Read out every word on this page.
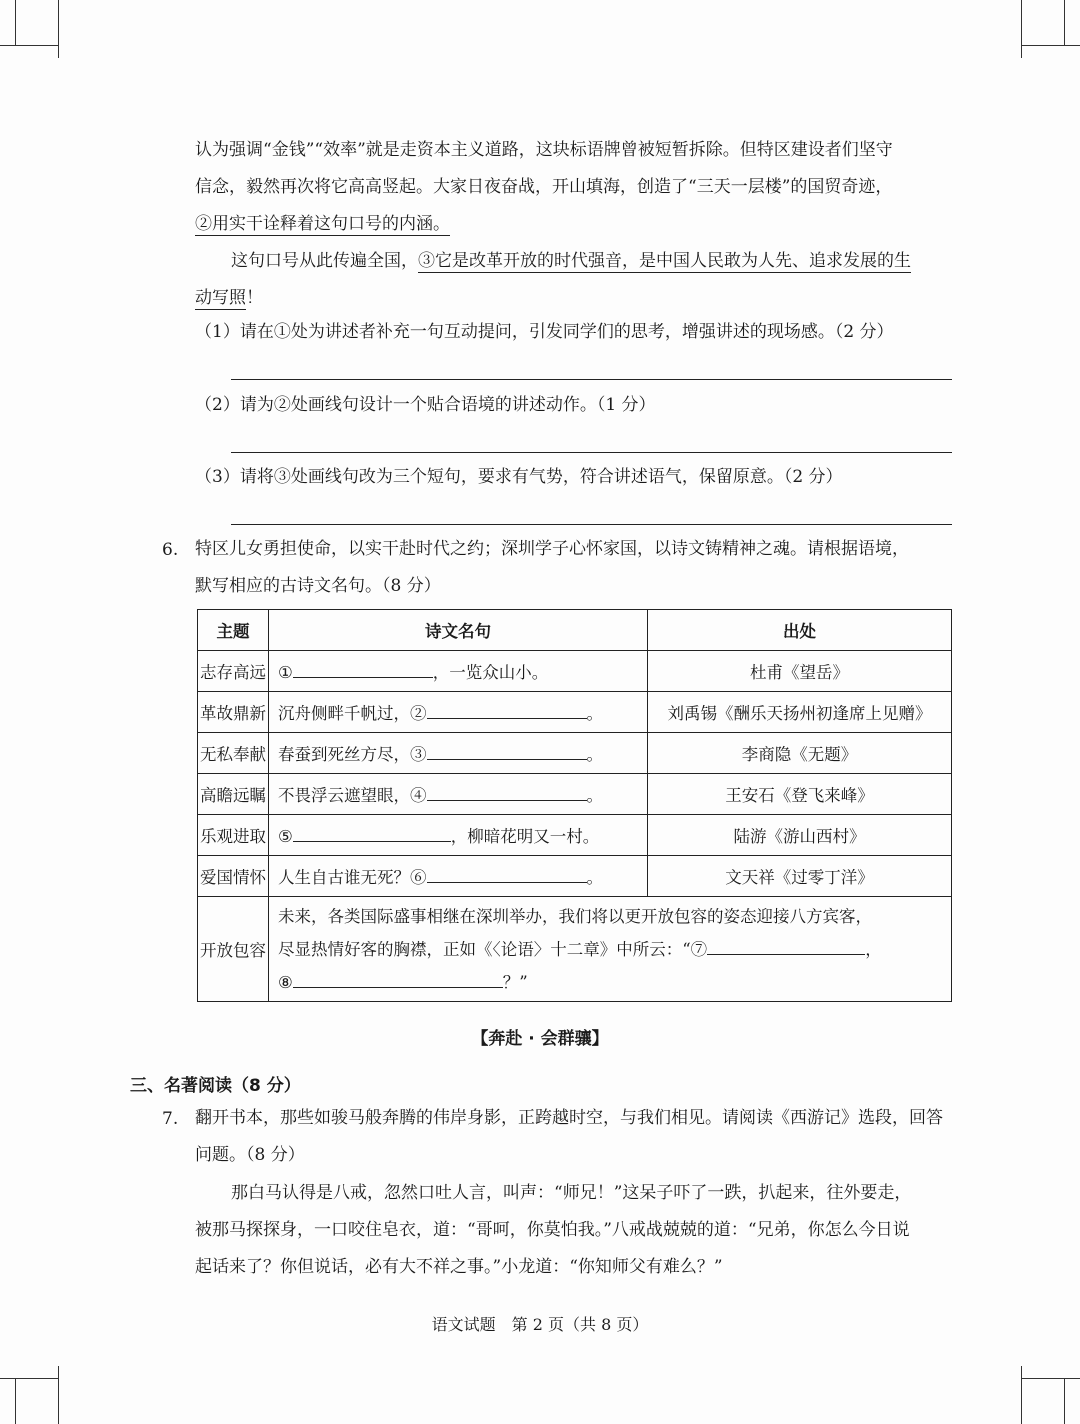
认为强调“金钱”“效率”就是走资本主义道路，这块标语牌曾被短暂拆除。但特区建设者们坚守
信念，毅然再次将它高高竖起。大家日夜奋战，开山填海，创造了“三天一层楼”的国贸奇迹，
②用实干诠释着这句口号的内涵。
这句口号从此传遍全国，③它是改革开放的时代强音，是中国人民敢为人先、追求发展的生
动写照！
（1）请在①处为讲述者补充一句互动提问，引发同学们的思考，增强讲述的现场感。（2 分）
（2）请为②处画线句设计一个贴合语境的讲述动作。（1 分）
（3）请将③处画线句改为三个短句，要求有气势，符合讲述语气，保留原意。（2 分）
6. 特区儿女勇担使命，以实干赴时代之约；深圳学子心怀家国，以诗文铸精神之魂。请根据语境，
默写相应的古诗文名句。（8 分）
主题	诗文名句	出处
志存高远	① ，一览众山小。	杜甫《望岳》
革故鼎新	沉舟侧畔千帆过，② 。	刘禹锡《酬乐天扬州初逢席上见赠》
无私奉献	春蚕到死丝方尽，③ 。	李商隐《无题》
高瞻远瞩	不畏浮云遮望眼，④ 。	王安石《登飞来峰》
乐观进取	⑤ ，柳暗花明又一村。	陆游《游山西村》
爱国情怀	人生自古谁无死？⑥ 。	文天祥《过零丁洋》
开放包容	未来，各类国际盛事相继在深圳举办，我们将以更开放包容的姿态迎接八方宾客，
尽显热情好客的胸襟，正如《〈论语〉十二章》中所云：“⑦ ，
⑧ ？”	
【奔赴 · 会群骧】
三、名著阅读（8 分）
7. 翻开书本，那些如骏马般奔腾的伟岸身影，正跨越时空，与我们相见。请阅读《西游记》选段，回答
问题。（8 分）
那白马认得是八戒，忽然口吐人言，叫声：“师兄！”这呆子吓了一跌，扒起来，往外要走，
被那马探探身，一口咬住皂衣，道：“哥呵，你莫怕我。”八戒战兢兢的道：“兄弟，你怎么今日说
起话来了？你但说话，必有大不祥之事。”小龙道：“你知师父有难么？”
语文试题　第 2 页（共 8 页）
